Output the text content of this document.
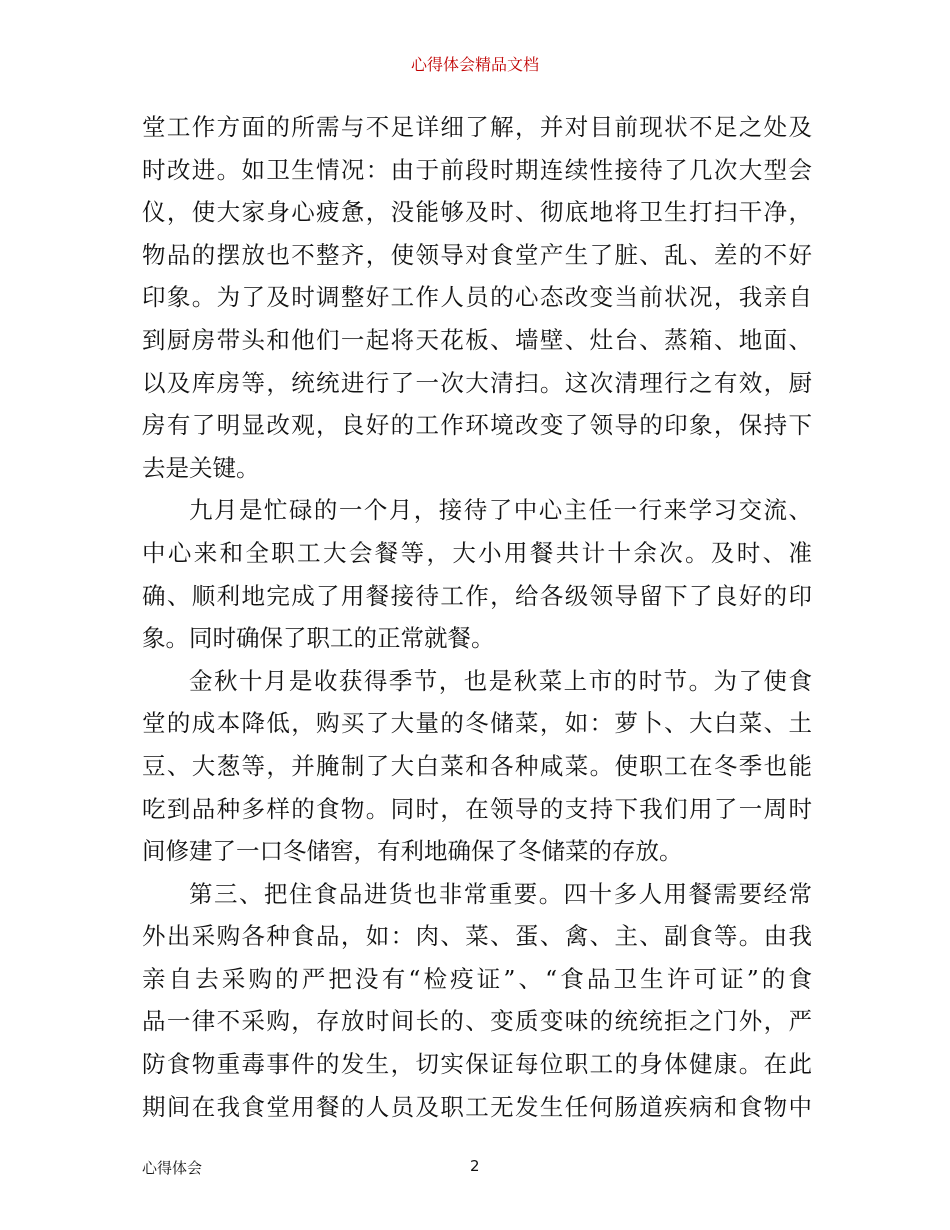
心得体会精品文档
堂工作方面的所需与不足详细了解，并对目前现状不足之处及
时改进。如卫生情况：由于前段时期连续性接待了几次大型会
仪，使大家身心疲惫，没能够及时、彻底地将卫生打扫干净，
物品的摆放也不整齐，使领导对食堂产生了脏、乱、差的不好
印象。为了及时调整好工作人员的心态改变当前状况，我亲自
到厨房带头和他们一起将天花板、墙壁、灶台、蒸箱、地面、
以及库房等，统统进行了一次大清扫。这次清理行之有效，厨
房有了明显改观，良好的工作环境改变了领导的印象，保持下
去是关键。
九月是忙碌的一个月，接待了中心主任一行来学习交流、
中心来和全职工大会餐等，大小用餐共计十余次。及时、准
确、顺利地完成了用餐接待工作，给各级领导留下了良好的印
象。同时确保了职工的正常就餐。
金秋十月是收获得季节，也是秋菜上市的时节。为了使食
堂的成本降低，购买了大量的冬储菜，如：萝卜、大白菜、土
豆、大葱等，并腌制了大白菜和各种咸菜。使职工在冬季也能
吃到品种多样的食物。同时，在领导的支持下我们用了一周时
间修建了一口冬储窖，有利地确保了冬储菜的存放。
第三、把住食品进货也非常重要。四十多人用餐需要经常
外出采购各种食品，如：肉、菜、蛋、禽、主、副食等。由我
亲自去采购的严把没有“检疫证”、“食品卫生许可证”的食
品一律不采购，存放时间长的、变质变味的统统拒之门外，严
防食物重毒事件的发生，切实保证每位职工的身体健康。在此
期间在我食堂用餐的人员及职工无发生任何肠道疾病和食物中
心得体会	2
